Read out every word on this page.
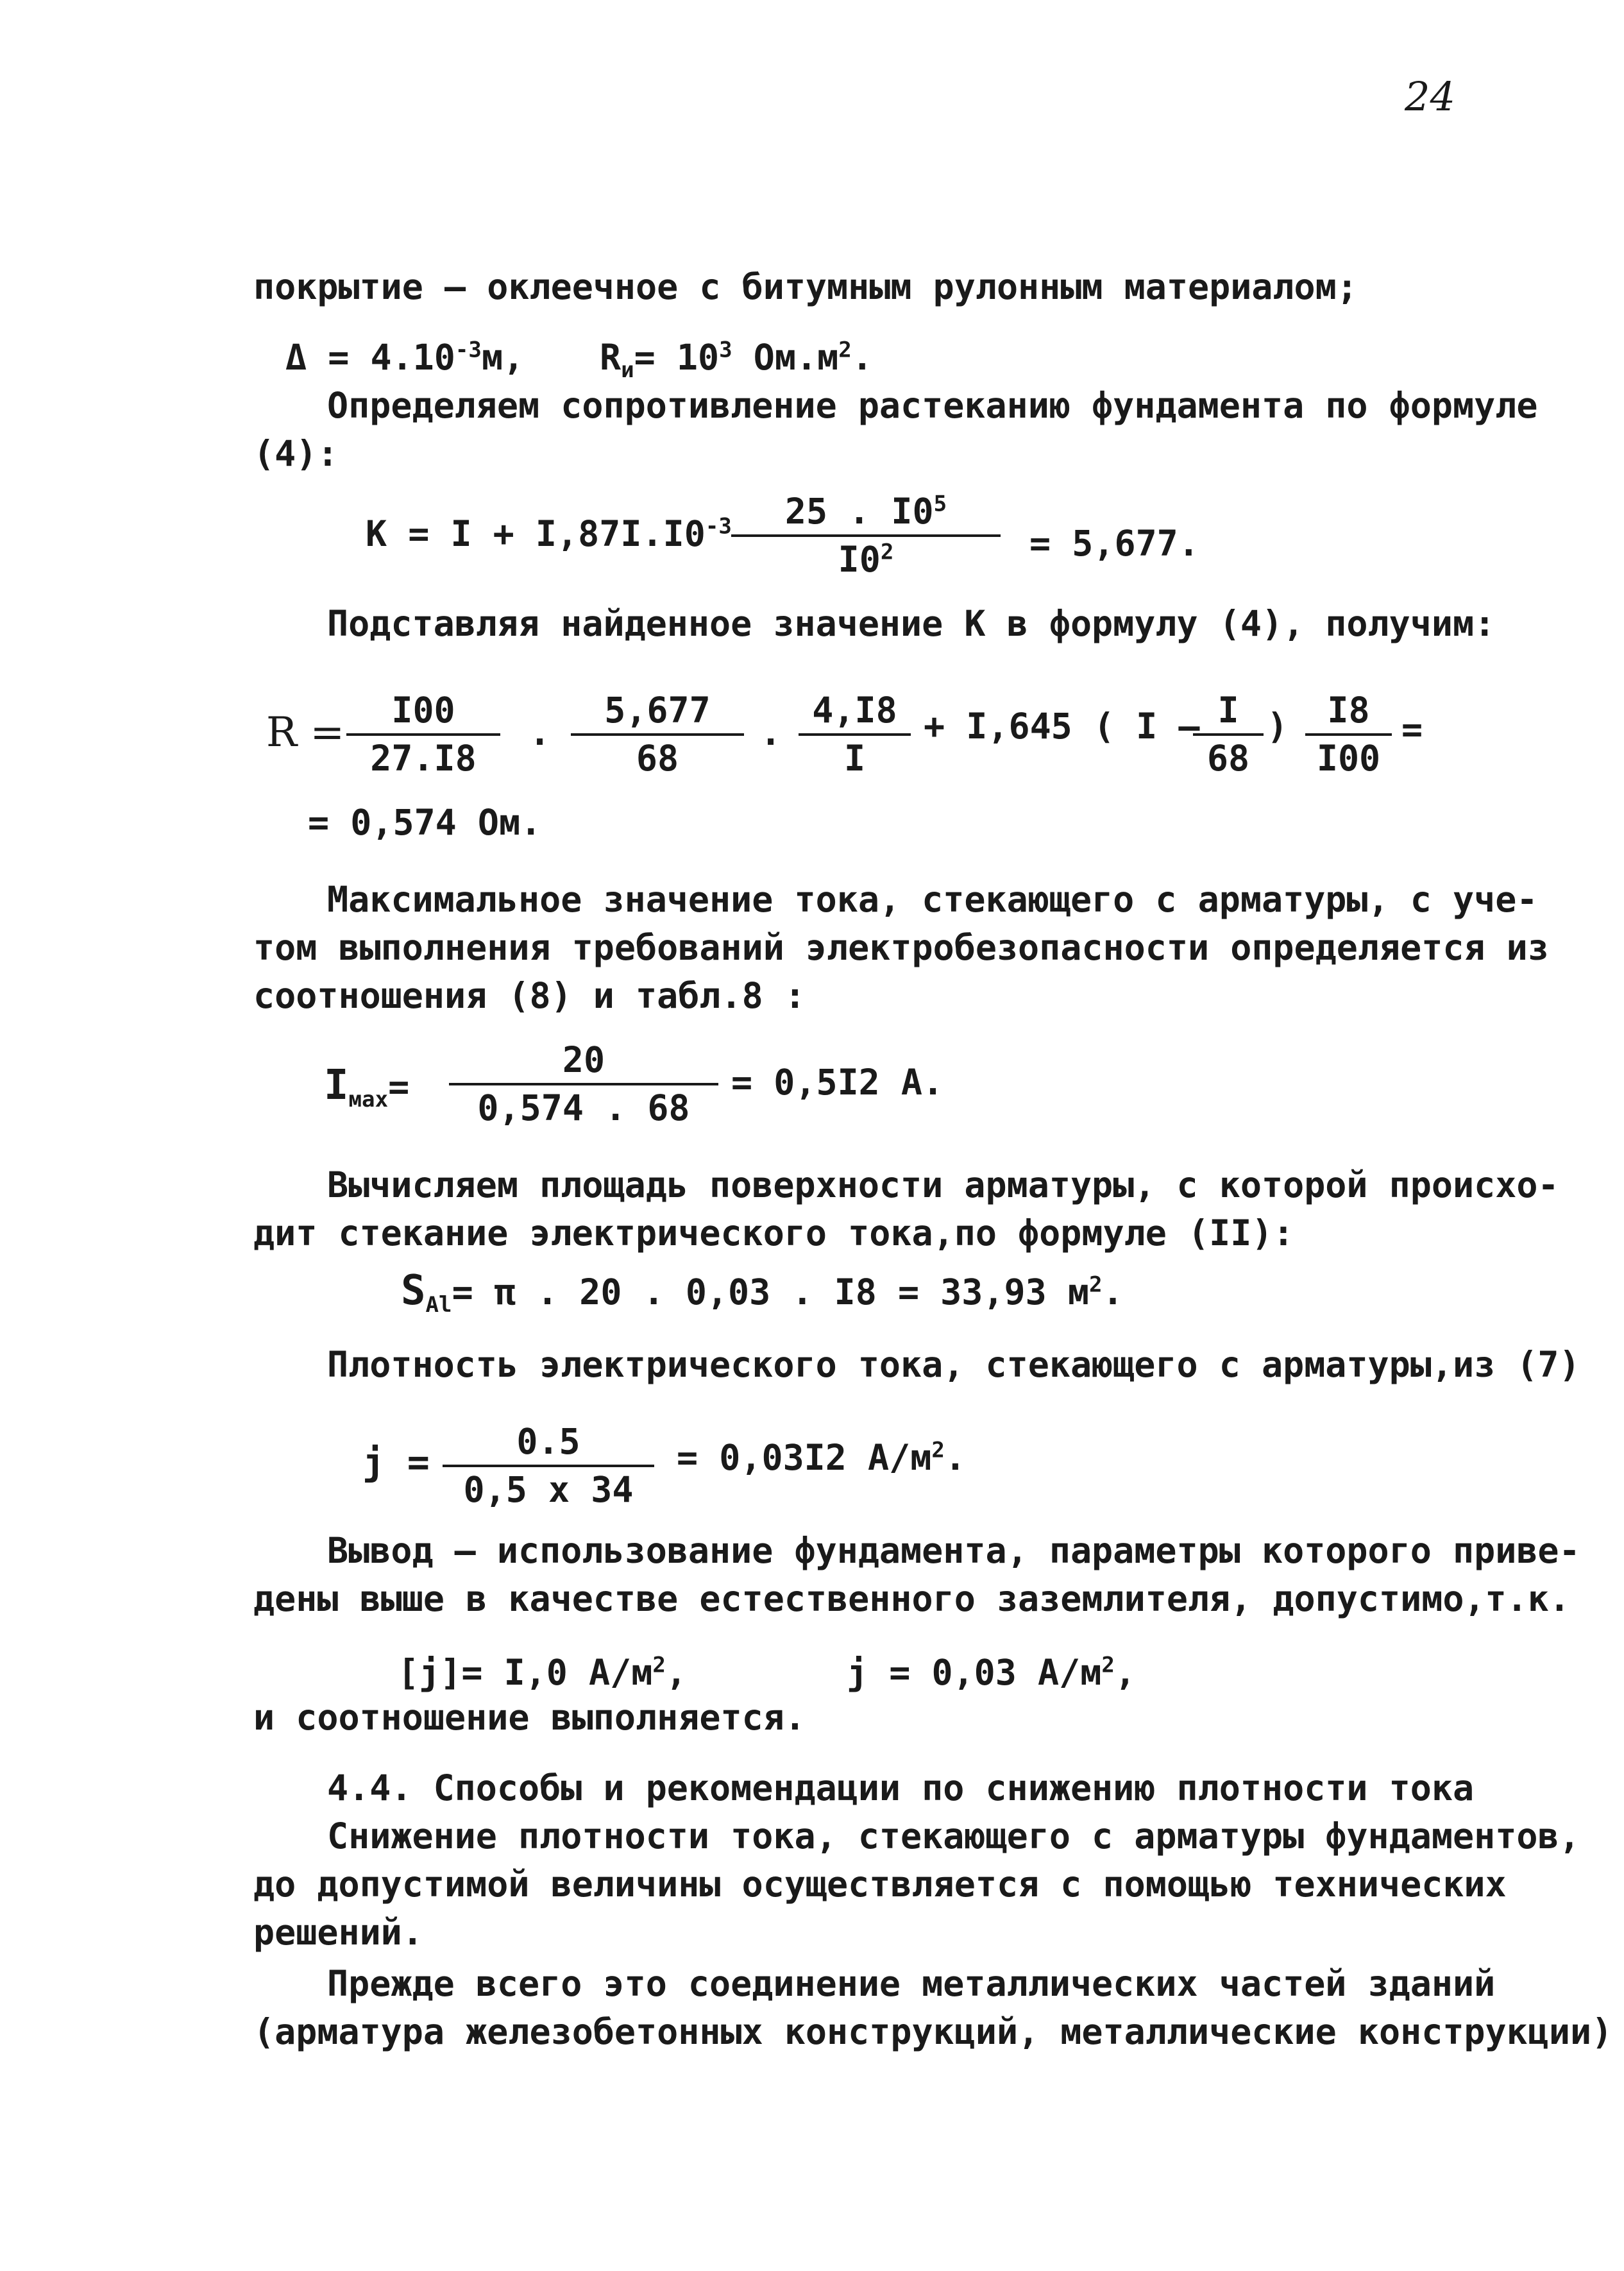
24
покрытие – оклеечное с битумным рулонным материалом;
$\Delta = 4.10^{-3}м$, $R_и= 10^3$ $Ом.м^2$.
Определяем сопротивление растеканию фундамента по формуле
(4):
$К = I + I,87I.I0^{-3}$	25 . $I0^5$
$I0^2$	= 5,677.
Подставляя найденное значение К в формулу (4), получим:
R =	I00
27.I8
.
5,677
68
.
4,I8
I
+ I,645 ( I – I
68
)	I8
I00
=
= 0,574 Ом.
Максимальное значение тока, стекающего с арматуры, с уче-
том выполнения требований электробезопасности определяется из
соотношения (8) и табл.8 :
$I_{мах}=$
20
0,574 . 68
= 0,5I2 А.
Вычисляем площадь поверхности арматуры, с которой происхо-
дит стекание электрического тока,по формуле (II):
$S_{Al}= \pi$ . 20 . 0,03 . I8 = 33,93 $м^2$.
Плотность электрического тока, стекающего с арматуры,из (7)
j =	0.5
0,5 x 34
= 0,03I2 $А/м^2$.
Вывод – использование фундамента, параметры которого приве-
дены выше в качестве естественного заземлителя, допустимо,т.к.
[j]= I,0 $А/м^2$,	j = 0,03 $А/м^2$,
и соотношение выполняется.
4.4. Способы и рекомендации по снижению плотности тока
Снижение плотности тока, стекающего с арматуры фундаментов,
до допустимой величины осуществляется с помощью технических
решений.
Прежде всего это соединение металлических частей зданий
(арматура железобетонных конструкций, металлические конструкции)
